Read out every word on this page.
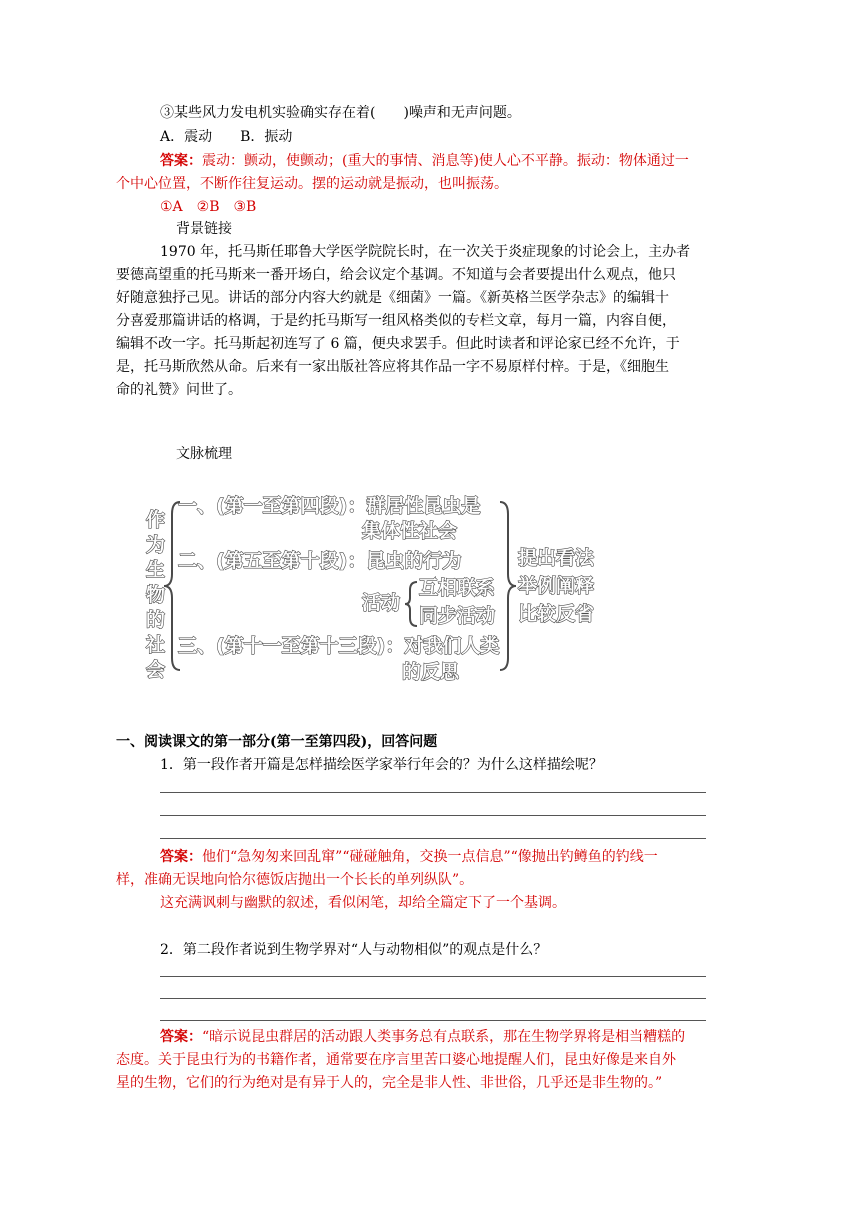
③某些风力发电机实验确实存在着(　　)噪声和无声问题。
A．震动　　B．振动
答案：震动：颤动，使颤动；(重大的事情、消息等)使人心不平静。振动：物体通过一
个中心位置，不断作往复运动。摆的运动就是振动，也叫振荡。
①A　②B　③B
背景链接
1970 年，托马斯任耶鲁大学医学院院长时，在一次关于炎症现象的讨论会上，主办者
要德高望重的托马斯来一番开场白，给会议定个基调。不知道与会者要提出什么观点，他只
好随意独抒己见。讲话的部分内容大约就是《细菌》一篇。《新英格兰医学杂志》的编辑十
分喜爱那篇讲话的格调，于是约托马斯写一组风格类似的专栏文章，每月一篇，内容自便，
编辑不改一字。托马斯起初连写了 6 篇，便央求罢手。但此时读者和评论家已经不允许，于
是，托马斯欣然从命。后来有一家出版社答应将其作品一字不易原样付梓。于是，《细胞生
命的礼赞》问世了。
文脉梳理
作
为
生
物
的
社
会
一、(第一至第四段)：群居性昆虫是
集体性社会
二、(第五至第十段)：昆虫的行为
活动
互相联系
同步活动
三、(第十一至第十三段)：对我们人类
的反思
提出看法
举例阐释
比较反省
一、阅读课文的第一部分(第一至第四段)，回答问题
1．第一段作者开篇是怎样描绘医学家举行年会的？为什么这样描绘呢？
答案：他们“急匆匆来回乱窜”“碰碰触角，交换一点信息”“像抛出钓鳟鱼的钓线一
样，准确无误地向恰尔德饭店抛出一个长长的单列纵队”。
这充满讽刺与幽默的叙述，看似闲笔，却给全篇定下了一个基调。
2．第二段作者说到生物学界对“人与动物相似”的观点是什么？
答案：“暗示说昆虫群居的活动跟人类事务总有点联系，那在生物学界将是相当糟糕的
态度。关于昆虫行为的书籍作者，通常要在序言里苦口婆心地提醒人们，昆虫好像是来自外
星的生物，它们的行为绝对是有异于人的，完全是非人性、非世俗，几乎还是非生物的。”
